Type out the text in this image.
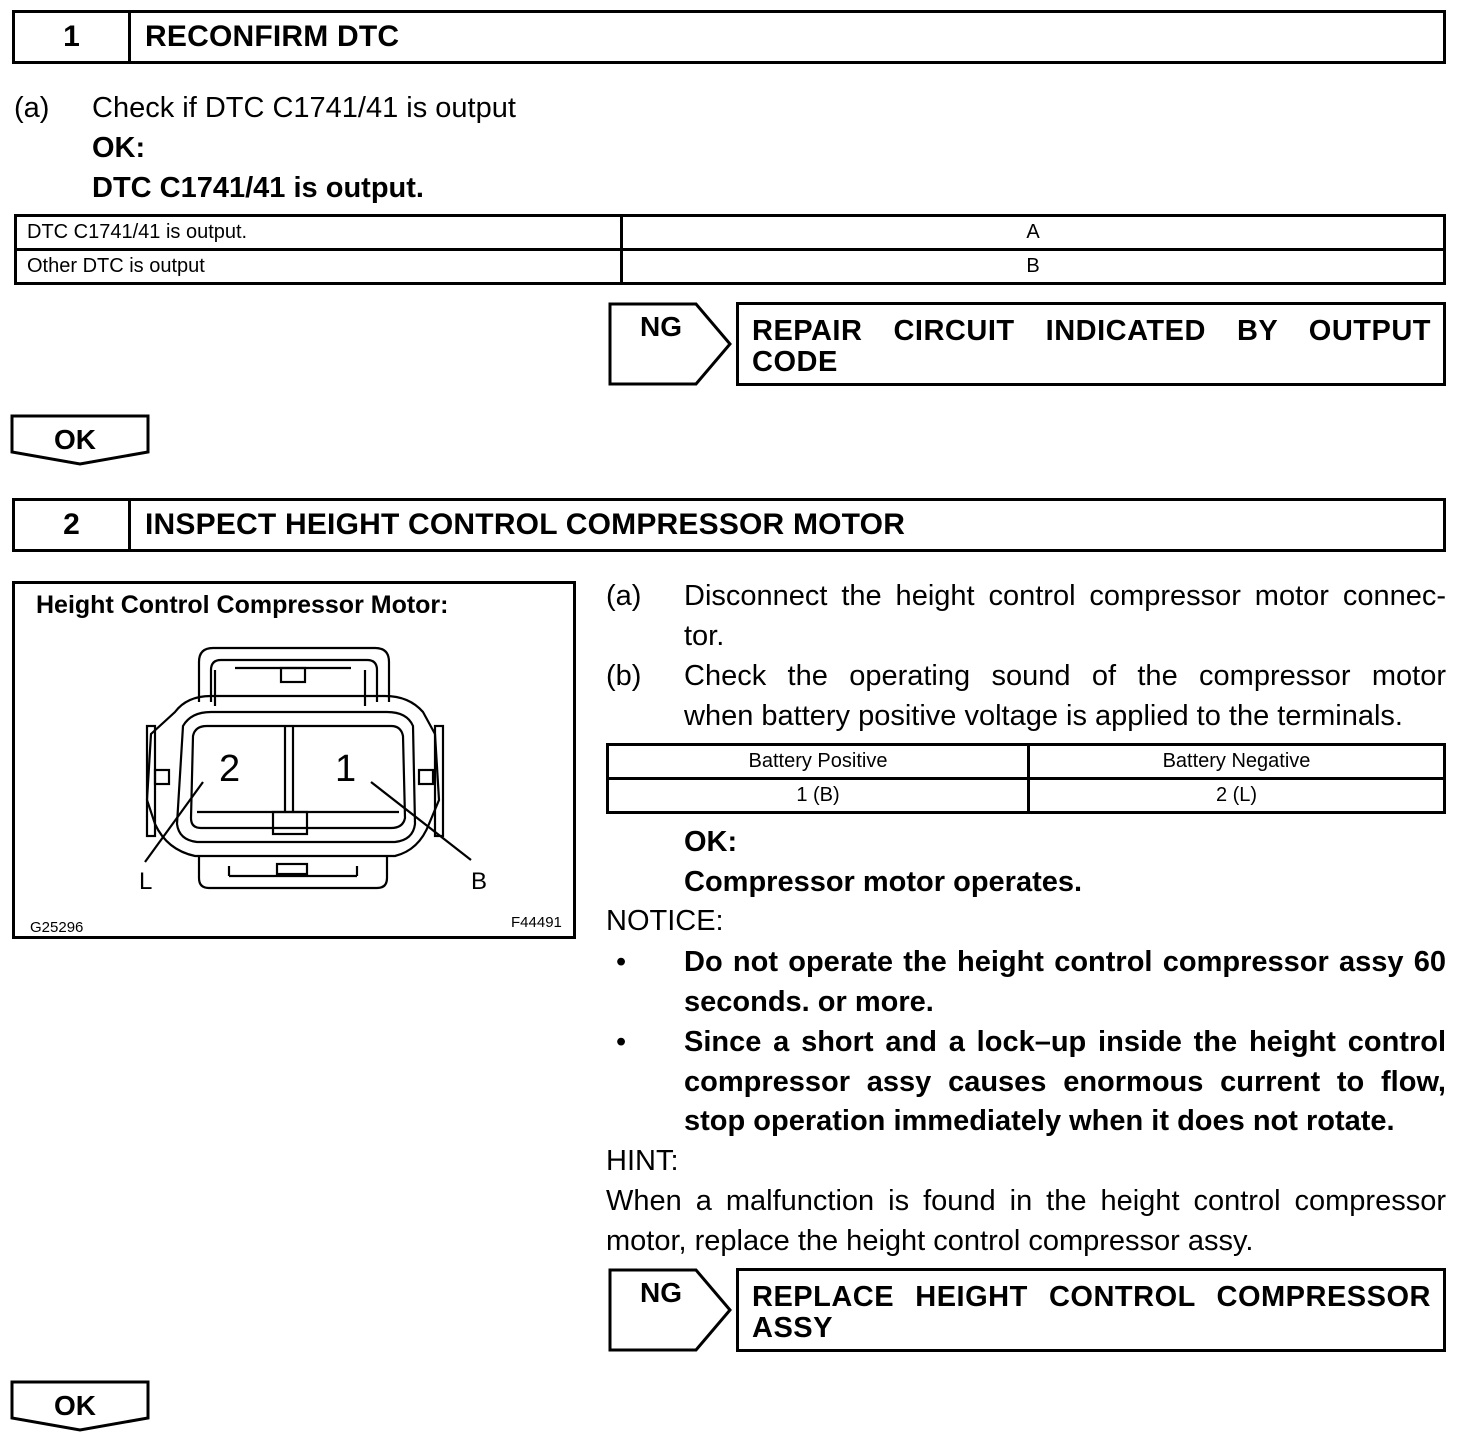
1	RECONFIRM DTC
(a) Check if DTC C1741/41 is output
OK:
DTC C1741/41 is output.
DTC C1741/41 is output.	A
Other DTC is output	B
NG REPAIR CIRCUIT INDICATED BY OUTPUT
CODE
OK
2	INSPECT HEIGHT CONTROL COMPRESSOR MOTOR
Height Control Compressor Motor:
2 1
L	B
G25296	F44491
(a) Disconnect the height control compressor motor connec-
tor.
(b) Check the operating sound of the compressor motor
when battery positive voltage is applied to the terminals.
Battery Positive	Battery Negative
1 (B)	2 (L)
OK:
Compressor motor operates.
NOTICE:
• Do not operate the height control compressor assy 60
seconds. or more.
• Since a short and a lock–up inside the height control
compressor assy causes enormous current to flow,
stop operation immediately when it does not rotate.
HINT:
When a malfunction is found in the height control compressor
motor, replace the height control compressor assy.
NG REPLACE HEIGHT CONTROL COMPRESSOR
ASSY
OK
